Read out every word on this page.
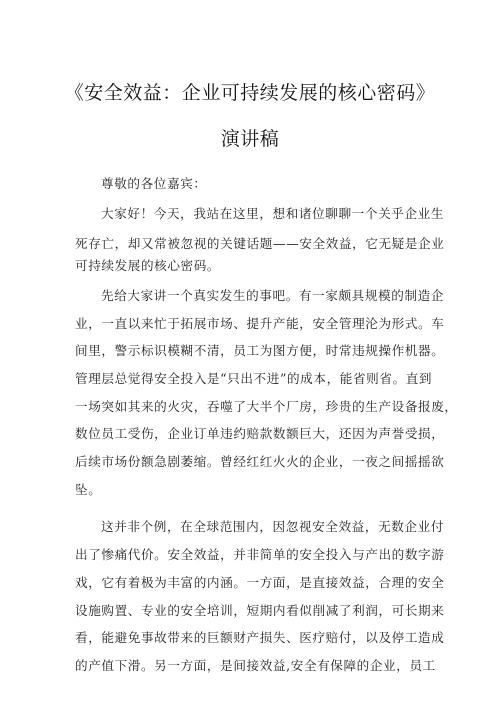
《安全效益：企业可持续发展的核心密码》
演讲稿
尊敬的各位嘉宾：
大家好！今天，我站在这里，想和诸位聊聊一个关乎企业生
死存亡，却又常被忽视的关键话题——安全效益，它无疑是企业
可持续发展的核心密码。
先给大家讲一个真实发生的事吧。有一家颇具规模的制造企
业，一直以来忙于拓展市场、提升产能，安全管理沦为形式。车
间里，警示标识模糊不清，员工为图方便，时常违规操作机器。
管理层总觉得安全投入是“只出不进”的成本，能省则省。直到
一场突如其来的火灾，吞噬了大半个厂房，珍贵的生产设备报废，
数位员工受伤，企业订单违约赔款数额巨大，还因为声誉受损，
后续市场份额急剧萎缩。曾经红红火火的企业，一夜之间摇摇欲
坠。
这并非个例，在全球范围内，因忽视安全效益，无数企业付
出了惨痛代价。安全效益，并非简单的安全投入与产出的数字游
戏，它有着极为丰富的内涵。一方面，是直接效益，合理的安全
设施购置、专业的安全培训，短期内看似削减了利润，可长期来
看，能避免事故带来的巨额财产损失、医疗赔付，以及停工造成
的产值下滑。另一方面，是间接效益,安全有保障的企业，员工
